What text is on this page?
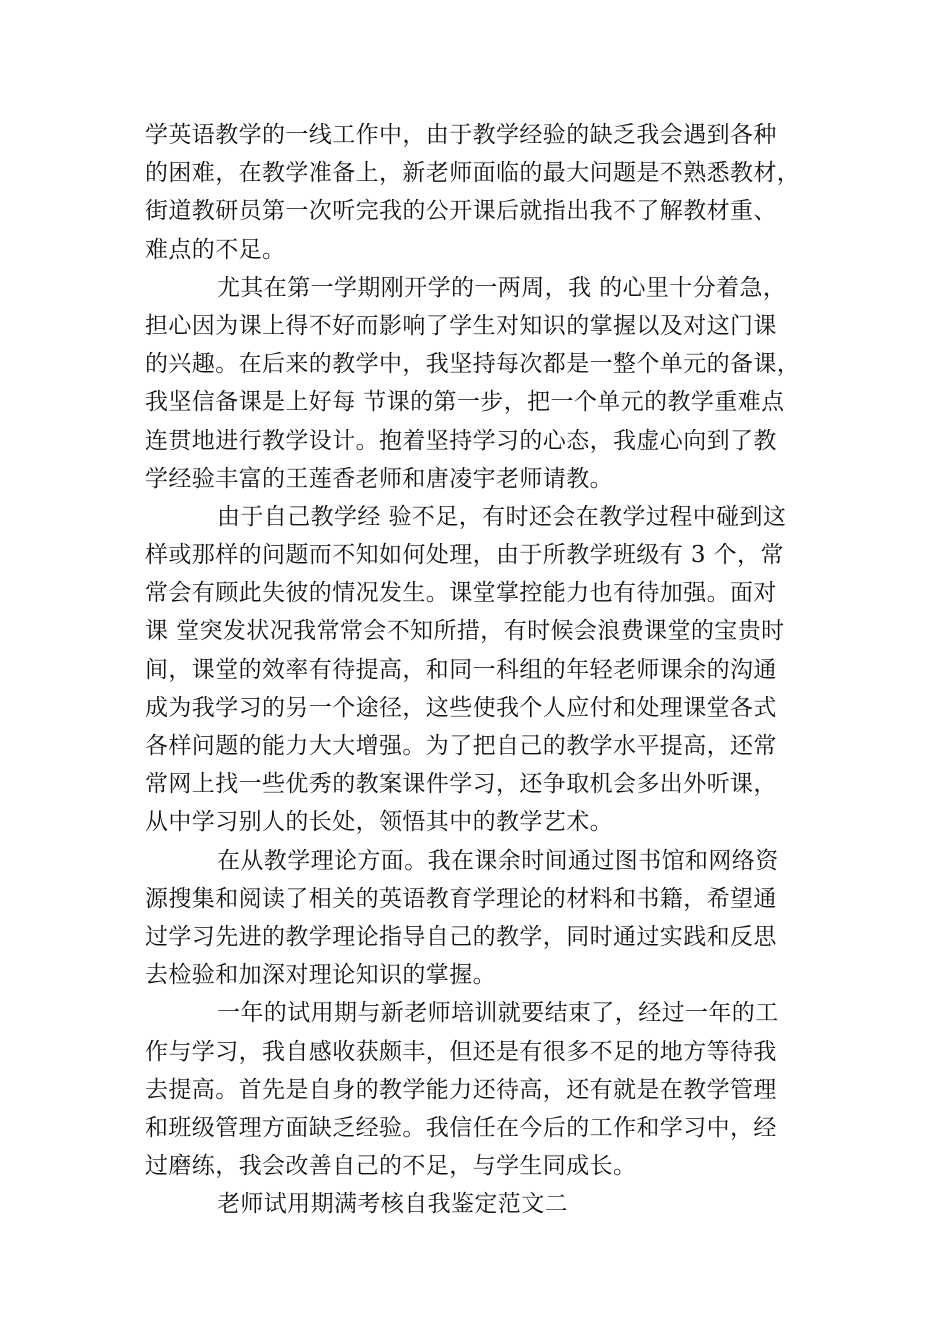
学英语教学的一线工作中，由于教学经验的缺乏我会遇到各种
的困难，在教学准备上，新老师面临的最大问题是不熟悉教材，
街道教研员第一次听完我的公开课后就指出我不了解教材重、
难点的不足。
尤其在第一学期刚开学的一两周，我 的心里十分着急，
担心因为课上得不好而影响了学生对知识的掌握以及对这门课
的兴趣。在后来的教学中，我坚持每次都是一整个单元的备课，
我坚信备课是上好每 节课的第一步，把一个单元的教学重难点
连贯地进行教学设计。抱着坚持学习的心态，我虚心向到了教
学经验丰富的王莲香老师和唐凌宇老师请教。
由于自己教学经 验不足，有时还会在教学过程中碰到这
样或那样的问题而不知如何处理，由于所教学班级有 3 个，常
常会有顾此失彼的情况发生。课堂掌控能力也有待加强。面对
课 堂突发状况我常常会不知所措，有时候会浪费课堂的宝贵时
间，课堂的效率有待提高，和同一科组的年轻老师课余的沟通
成为我学习的另一个途径，这些使我个人应付和处理课堂各式
各样问题的能力大大增强。为了把自己的教学水平提高，还常
常网上找一些优秀的教案课件学习，还争取机会多出外听课，
从中学习别人的长处，领悟其中的教学艺术。
在从教学理论方面。我在课余时间通过图书馆和网络资
源搜集和阅读了相关的英语教育学理论的材料和书籍，希望通
过学习先进的教学理论指导自己的教学，同时通过实践和反思
去检验和加深对理论知识的掌握。
一年的试用期与新老师培训就要结束了，经过一年的工
作与学习，我自感收获颇丰，但还是有很多不足的地方等待我
去提高。首先是自身的教学能力还待高，还有就是在教学管理
和班级管理方面缺乏经验。我信任在今后的工作和学习中，经
过磨练，我会改善自己的不足，与学生同成长。
老师试用期满考核自我鉴定范文二
